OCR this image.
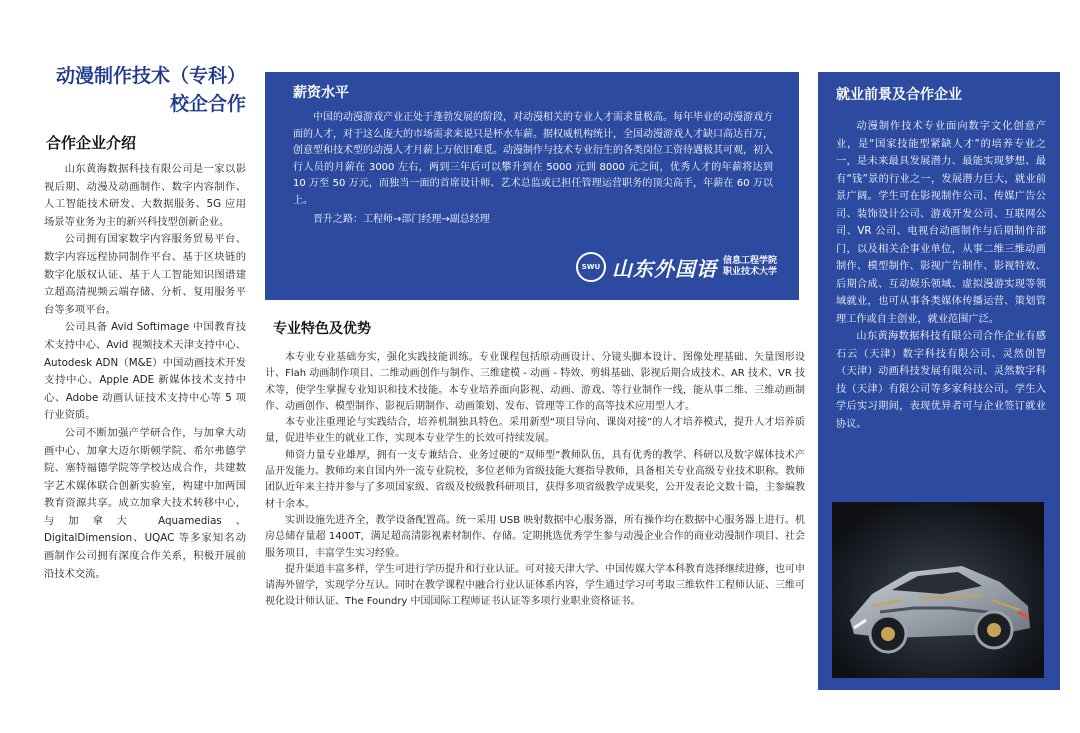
动漫制作技术（专科）
校企合作
合作企业介绍

山东黄海数据科技有限公司是一家以影视后期、动漫及动画制作、数字内容制作、人工智能技术研发、大数据服务、5G 应用场景等业务为主的新兴科技型创新企业。

公司拥有国家数字内容服务贸易平台、数字内容远程协同制作平台、基于区块链的数字化版权认证、基于人工智能知识图谱建立超高清视频云端存储、分析、复用服务平台等多项平台。

公司具备 Avid Softimage 中国教育技术支持中心、Avid 视频技术天津支持中心、Autodesk ADN（M&E）中国动画技术开发支持中心、Apple ADE 新媒体技术支持中心、Adobe 动画认证技术支持中心等 5 项行业资质。

公司不断加强产学研合作，与加拿大动画中心、加拿大迈尔斯顿学院、希尔弗德学院、塞特福德学院等学校达成合作，共建数字艺术媒体联合创新实验室，构建中加两国教育资源共享。成立加拿大技术转移中心，与加拿大 Aquamedias、DigitalDimension、UQAC 等多家知名动画制作公司拥有深度合作关系，积极开展前沿技术交流。

薪资水平

中国的动漫游戏产业正处于蓬勃发展的阶段，对动漫相关的专业人才需求量极高。每年毕业的动漫游戏方面的人才，对于这么庞大的市场需求来说只是杯水车薪。据权威机构统计，全国动漫游戏人才缺口高达百万，创意型和技术型的动漫人才月薪上万依旧难觅。动漫制作与技术专业衍生的各类岗位工资待遇极其可观，初入行人员的月薪在 3000 左右，两到三年后可以攀升到在 5000 元到 8000 元之间，优秀人才的年薪将达到 10 万至 50 万元，而独当一面的首席设计师、艺术总监或已担任管理运营职务的顶尖高手，年薪在 60 万以上。

晋升之路：工程师→部门经理→副总经理

SWU 山东外国语 信息工程学院
职业技术大学
专业特色及优势

本专业专业基础夯实，强化实践技能训练。专业课程包括原动画设计、分镜头脚本设计、图像处理基础、矢量图形设计、Flah 动画制作项目、二维动画创作与制作、三维建模 - 动画 - 特效、剪辑基础、影视后期合成技术、AR 技术、VR 技术等，使学生掌握专业知识和技术技能。本专业培养面向影视、动画、游戏、等行业制作一线，能从事二维、三维动画制作、动画创作、模型制作、影视后期制作、动画策划、发布、管理等工作的高等技术应用型人才。

本专业注重理论与实践结合，培养机制独具特色。采用新型“项目导向、课岗对接”的人才培养模式，提升人才培养质量，促进毕业生的就业工作，实现本专业学生的长效可持续发展。

师资力量专业雄厚，拥有一支专兼结合、业务过硬的“双师型”教师队伍，具有优秀的教学、科研以及数字媒体技术产品开发能力。教师均来自国内外一流专业院校，多位老师为省级技能大赛指导教师，具备相关专业高级专业技术职称。教师团队近年来主持并参与了多项国家级、省级及校级教科研项目，获得多项省级教学成果奖，公开发表论文数十篇，主参编教材十余本。

实训设施先进齐全，教学设备配置高。统一采用 USB 映射数据中心服务器，所有操作均在数据中心服务器上进行。机房总储存量超 1400T，满足超高清影视素材制作、存储。定期挑选优秀学生参与动漫企业合作的商业动漫制作项目、社会服务项目，丰富学生实习经验。

提升渠道丰富多样，学生可进行学历提升和行业认证。可对接天津大学、中国传媒大学本科教育选择继续进修，也可申请海外留学，实现学分互认。同时在教学课程中融合行业认证体系内容，学生通过学习可考取三维软件工程师认证、三维可视化设计师认证、The Foundry 中国国际工程师证书认证等多项行业职业资格证书。

就业前景及合作企业

动漫制作技术专业面向数字文化创意产业，是“国家技能型紧缺人才”的培养专业之一，是未来最具发展潜力、最能实现梦想、最有“钱”景的行业之一，发展潜力巨大，就业前景广阔。学生可在影视制作公司、传媒广告公司、装饰设计公司、游戏开发公司、互联网公司、VR 公司、电视台动画制作与后期制作部门，以及相关企事业单位，从事二维三维动画制作、模型制作、影视广告制作、影视特效、后期合成、互动娱乐领域、虚拟漫游实现等领域就业，也可从事各类媒体传播运营、策划管理工作或自主创业，就业范围广泛。

山东黄海数据科技有限公司合作企业有感石云（天津）数字科技有限公司、灵然创智（天津）动画科技发展有限公司、灵然数字科技（天津）有限公司等多家科技公司。学生入学后实习期间，表现优异者可与企业签订就业协议。
